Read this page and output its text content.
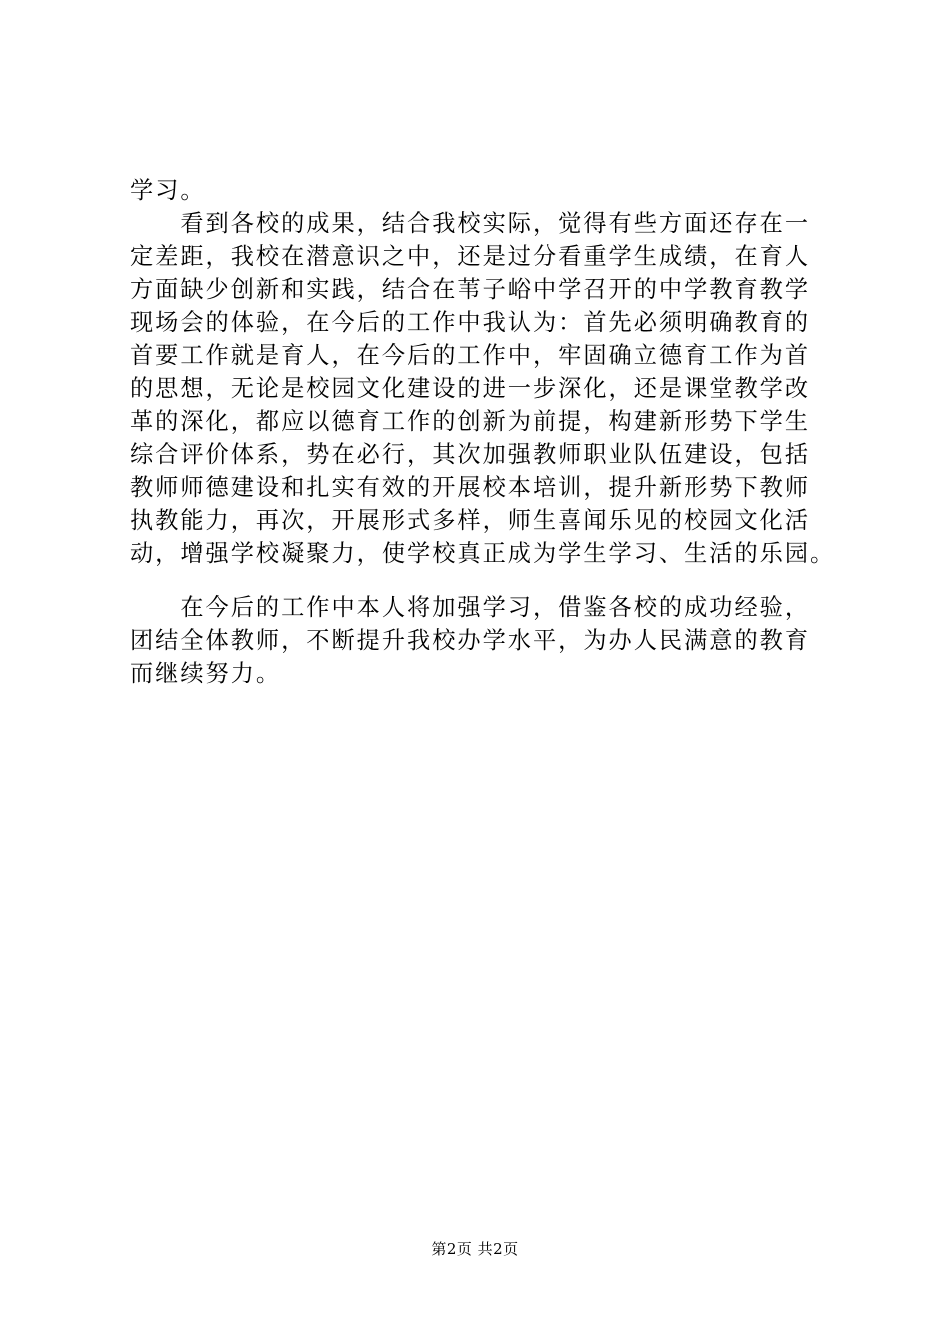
学习。
　　看到各校的成果，结合我校实际，觉得有些方面还存在一
定差距，我校在潜意识之中，还是过分看重学生成绩，在育人
方面缺少创新和实践，结合在苇子峪中学召开的中学教育教学
现场会的体验，在今后的工作中我认为：首先必须明确教育的
首要工作就是育人，在今后的工作中，牢固确立德育工作为首
的思想，无论是校园文化建设的进一步深化，还是课堂教学改
革的深化，都应以德育工作的创新为前提，构建新形势下学生
综合评价体系，势在必行，其次加强教师职业队伍建设，包括
教师师德建设和扎实有效的开展校本培训，提升新形势下教师
执教能力，再次，开展形式多样，师生喜闻乐见的校园文化活
动，增强学校凝聚力，使学校真正成为学生学习、生活的乐园。
　　在今后的工作中本人将加强学习，借鉴各校的成功经验，
团结全体教师，不断提升我校办学水平，为办人民满意的教育
而继续努力。
第2页 共2页
